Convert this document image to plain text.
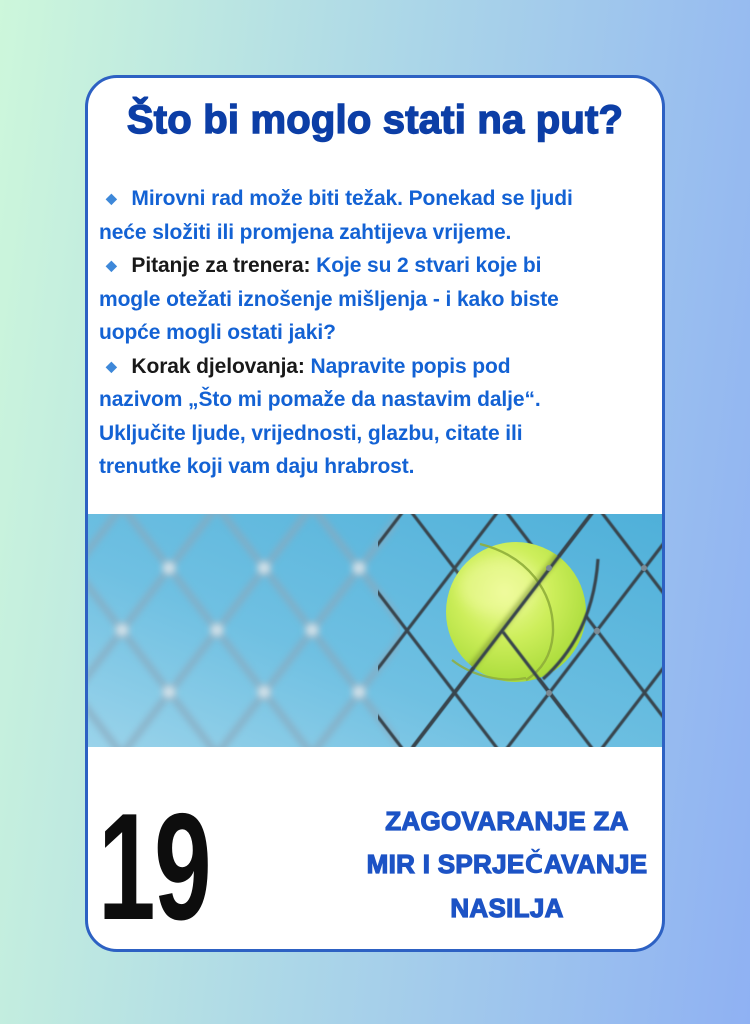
Što bi moglo stati na put?
◆ Mirovni rad može biti težak. Ponekad se ljudi
neće složiti ili promjena zahtijeva vrijeme.
◆ Pitanje za trenera: Koje su 2 stvari koje bi
mogle otežati iznošenje mišljenja - i kako biste
uopće mogli ostati jaki?
◆ Korak djelovanja: Napravite popis pod
nazivom „Što mi pomaže da nastavim dalje“.
Uključite ljude, vrijednosti, glazbu, citate ili
trenutke koji vam daju hrabrost.
19	ZAGOVARANJE ZA
MIR I SPRJEČAVANJE
NASILJA
